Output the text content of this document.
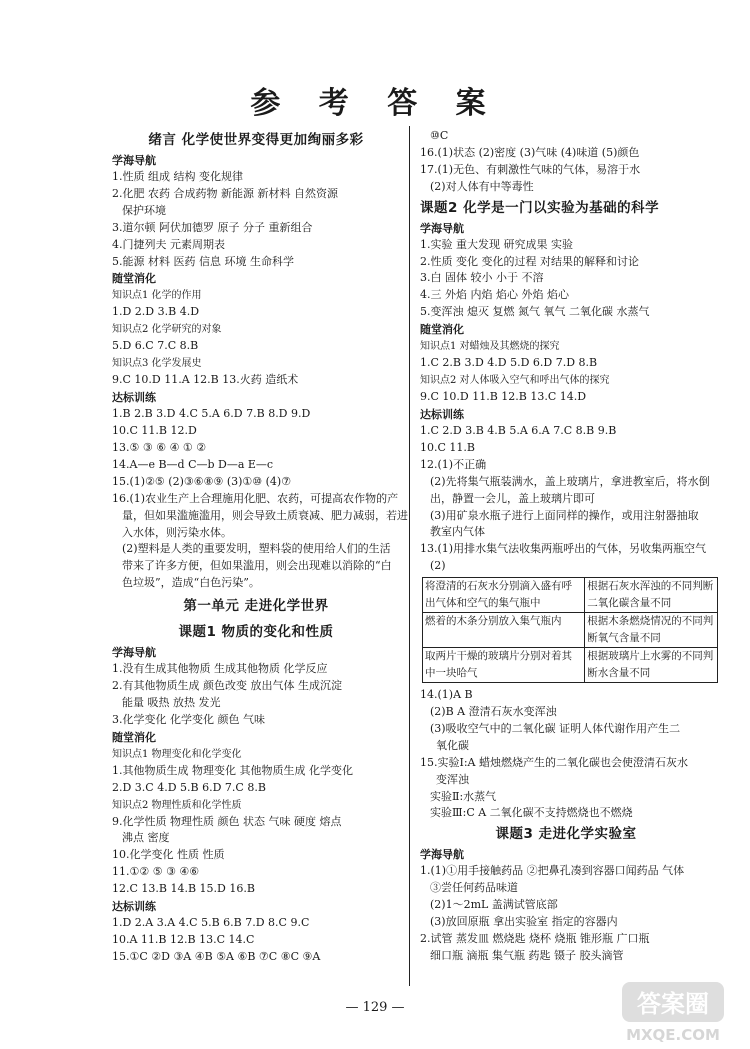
参 考 答 案
绪言 化学使世界变得更加绚丽多彩
学海导航
1.性质 组成 结构 变化规律
2.化肥 农药 合成药物 新能源 新材料 自然资源
保护环境
3.道尔顿 阿伏加德罗 原子 分子 重新组合
4.门捷列夫 元素周期表
5.能源 材料 医药 信息 环境 生命科学
随堂消化
知识点1 化学的作用
1.D 2.D 3.B 4.D
知识点2 化学研究的对象
5.D 6.C 7.C 8.B
知识点3 化学发展史
9.C 10.D 11.A 12.B 13.火药 造纸术
达标训练
1.B 2.B 3.D 4.C 5.A 6.D 7.B 8.D 9.D
10.C 11.B 12.D
13.⑤ ③ ⑥ ④ ① ②
14.A—e B—d C—b D—a E—c
15.(1)②⑤ (2)③⑥⑧⑨ (3)①⑩ (4)⑦
16.(1)农业生产上合理施用化肥、农药，可提高农作物的产
量，但如果滥施滥用，则会导致土质衰减、肥力减弱，若进
入水体，则污染水体。
(2)塑料是人类的重要发明，塑料袋的使用给人们的生活
带来了许多方便，但如果滥用，则会出现难以消除的“白
色垃圾”，造成“白色污染”。
第一单元 走进化学世界
课题1 物质的变化和性质
学海导航
1.没有生成其他物质 生成其他物质 化学反应
2.有其他物质生成 颜色改变 放出气体 生成沉淀
能量 吸热 放热 发光
3.化学变化 化学变化 颜色 气味
随堂消化
知识点1 物理变化和化学变化
1.其他物质生成 物理变化 其他物质生成 化学变化
2.D 3.C 4.D 5.B 6.D 7.C 8.B
知识点2 物理性质和化学性质
9.化学性质 物理性质 颜色 状态 气味 硬度 熔点
沸点 密度
10.化学变化 性质 性质
11.①② ⑤ ③ ④⑥
12.C 13.B 14.B 15.D 16.B
达标训练
1.D 2.A 3.A 4.C 5.B 6.B 7.D 8.C 9.C
10.A 11.B 12.B 13.C 14.C
15.①C ②D ③A ④B ⑤A ⑥B ⑦C ⑧C ⑨A
⑩C
16.(1)状态 (2)密度 (3)气味 (4)味道 (5)颜色
17.(1)无色、有刺激性气味的气体，易溶于水
(2)对人体有中等毒性
课题2 化学是一门以实验为基础的科学
学海导航
1.实验 重大发现 研究成果 实验
2.性质 变化 变化的过程 对结果的解释和讨论
3.白 固体 较小 小于 不溶
4.三 外焰 内焰 焰心 外焰 焰心
5.变浑浊 熄灭 复燃 氮气 氧气 二氧化碳 水蒸气
随堂消化
知识点1 对蜡烛及其燃烧的探究
1.C 2.B 3.D 4.D 5.D 6.D 7.D 8.B
知识点2 对人体吸入空气和呼出气体的探究
9.C 10.D 11.B 12.B 13.C 14.D
达标训练
1.C 2.D 3.B 4.B 5.A 6.A 7.C 8.B 9.B
10.C 11.B
12.(1)不正确
(2)先将集气瓶装满水，盖上玻璃片，拿进教室后，将水倒
出，静置一会儿，盖上玻璃片即可
(3)用矿泉水瓶子进行上面同样的操作，或用注射器抽取
教室内气体
13.(1)用排水集气法收集两瓶呼出的气体，另收集两瓶空气
(2)
将澄清的石灰水分别滴入盛有呼出气体和空气的集气瓶中	根据石灰水浑浊的不同判断二氧化碳含量不同
燃着的木条分别放入集气瓶内	根据木条燃烧情况的不同判断氧气含量不同
取两片干燥的玻璃片分别对着其中一块哈气	根据玻璃片上水雾的不同判断水含量不同
14.(1)A B
(2)B A 澄清石灰水变浑浊
(3)吸收空气中的二氧化碳 证明人体代谢作用产生二
氧化碳
15.实验Ⅰ:A 蜡烛燃烧产生的二氧化碳也会使澄清石灰水
变浑浊
实验Ⅱ:水蒸气
实验Ⅲ:C A 二氧化碳不支持燃烧也不燃烧
课题3 走进化学实验室
学海导航
1.(1)①用手接触药品 ②把鼻孔凑到容器口闻药品 气体
③尝任何药品味道
(2)1～2mL 盖满试管底部
(3)放回原瓶 拿出实验室 指定的容器内
2.试管 蒸发皿 燃烧匙 烧杯 烧瓶 锥形瓶 广口瓶
细口瓶 滴瓶 集气瓶 药匙 镊子 胶头滴管
— 129 —	答案圈
MXQE.COM
